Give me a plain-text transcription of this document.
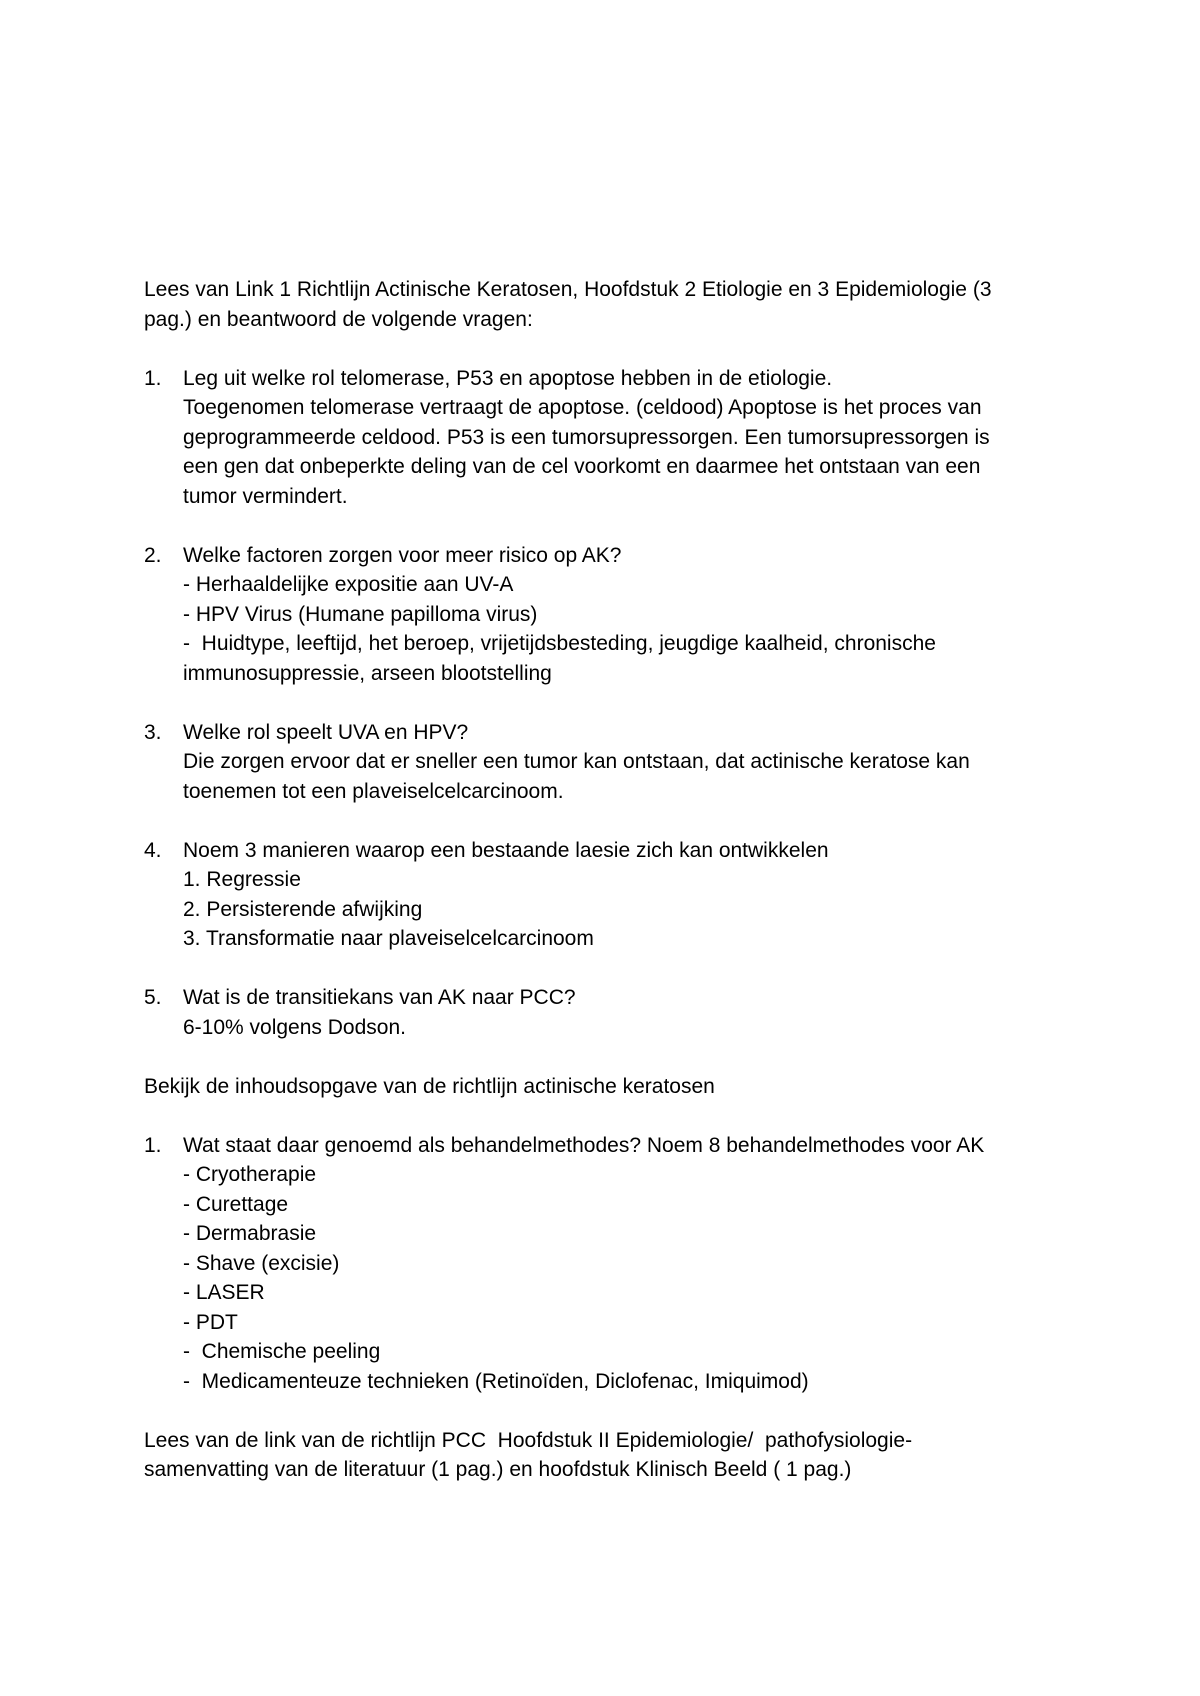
Lees van Link 1 Richtlijn Actinische Keratosen, Hoofdstuk 2 Etiologie en 3 Epidemiologie (3
pag.) en beantwoord de volgende vragen:

1. Leg uit welke rol telomerase, P53 en apoptose hebben in de etiologie.
Toegenomen telomerase vertraagt de apoptose. (celdood) Apoptose is het proces van
geprogrammeerde celdood. P53 is een tumorsupressorgen. Een tumorsupressorgen is
een gen dat onbeperkte deling van de cel voorkomt en daarmee het ontstaan van een
tumor vermindert.
2. Welke factoren zorgen voor meer risico op AK?
- Herhaaldelijke expositie aan UV-A
- HPV Virus (Humane papilloma virus)
-  Huidtype, leeftijd, het beroep, vrijetijdsbesteding, jeugdige kaalheid, chronische
immunosuppressie, arseen blootstelling
3. Welke rol speelt UVA en HPV?
Die zorgen ervoor dat er sneller een tumor kan ontstaan, dat actinische keratose kan
toenemen tot een plaveiselcelcarcinoom.
4. Noem 3 manieren waarop een bestaande laesie zich kan ontwikkelen
1. Regressie
2. Persisterende afwijking
3. Transformatie naar plaveiselcelcarcinoom
5. Wat is de transitiekans van AK naar PCC?
6-10% volgens Dodson.

Bekijk de inhoudsopgave van de richtlijn actinische keratosen

1. Wat staat daar genoemd als behandelmethodes? Noem 8 behandelmethodes voor AK
- Cryotherapie
- Curettage
- Dermabrasie
- Shave (excisie)
- LASER
- PDT
-  Chemische peeling
-  Medicamenteuze technieken (Retinoïden, Diclofenac, Imiquimod)

Lees van de link van de richtlijn PCC  Hoofdstuk II Epidemiologie/  pathofysiologie-
samenvatting van de literatuur (1 pag.) en hoofdstuk Klinisch Beeld ( 1 pag.)
